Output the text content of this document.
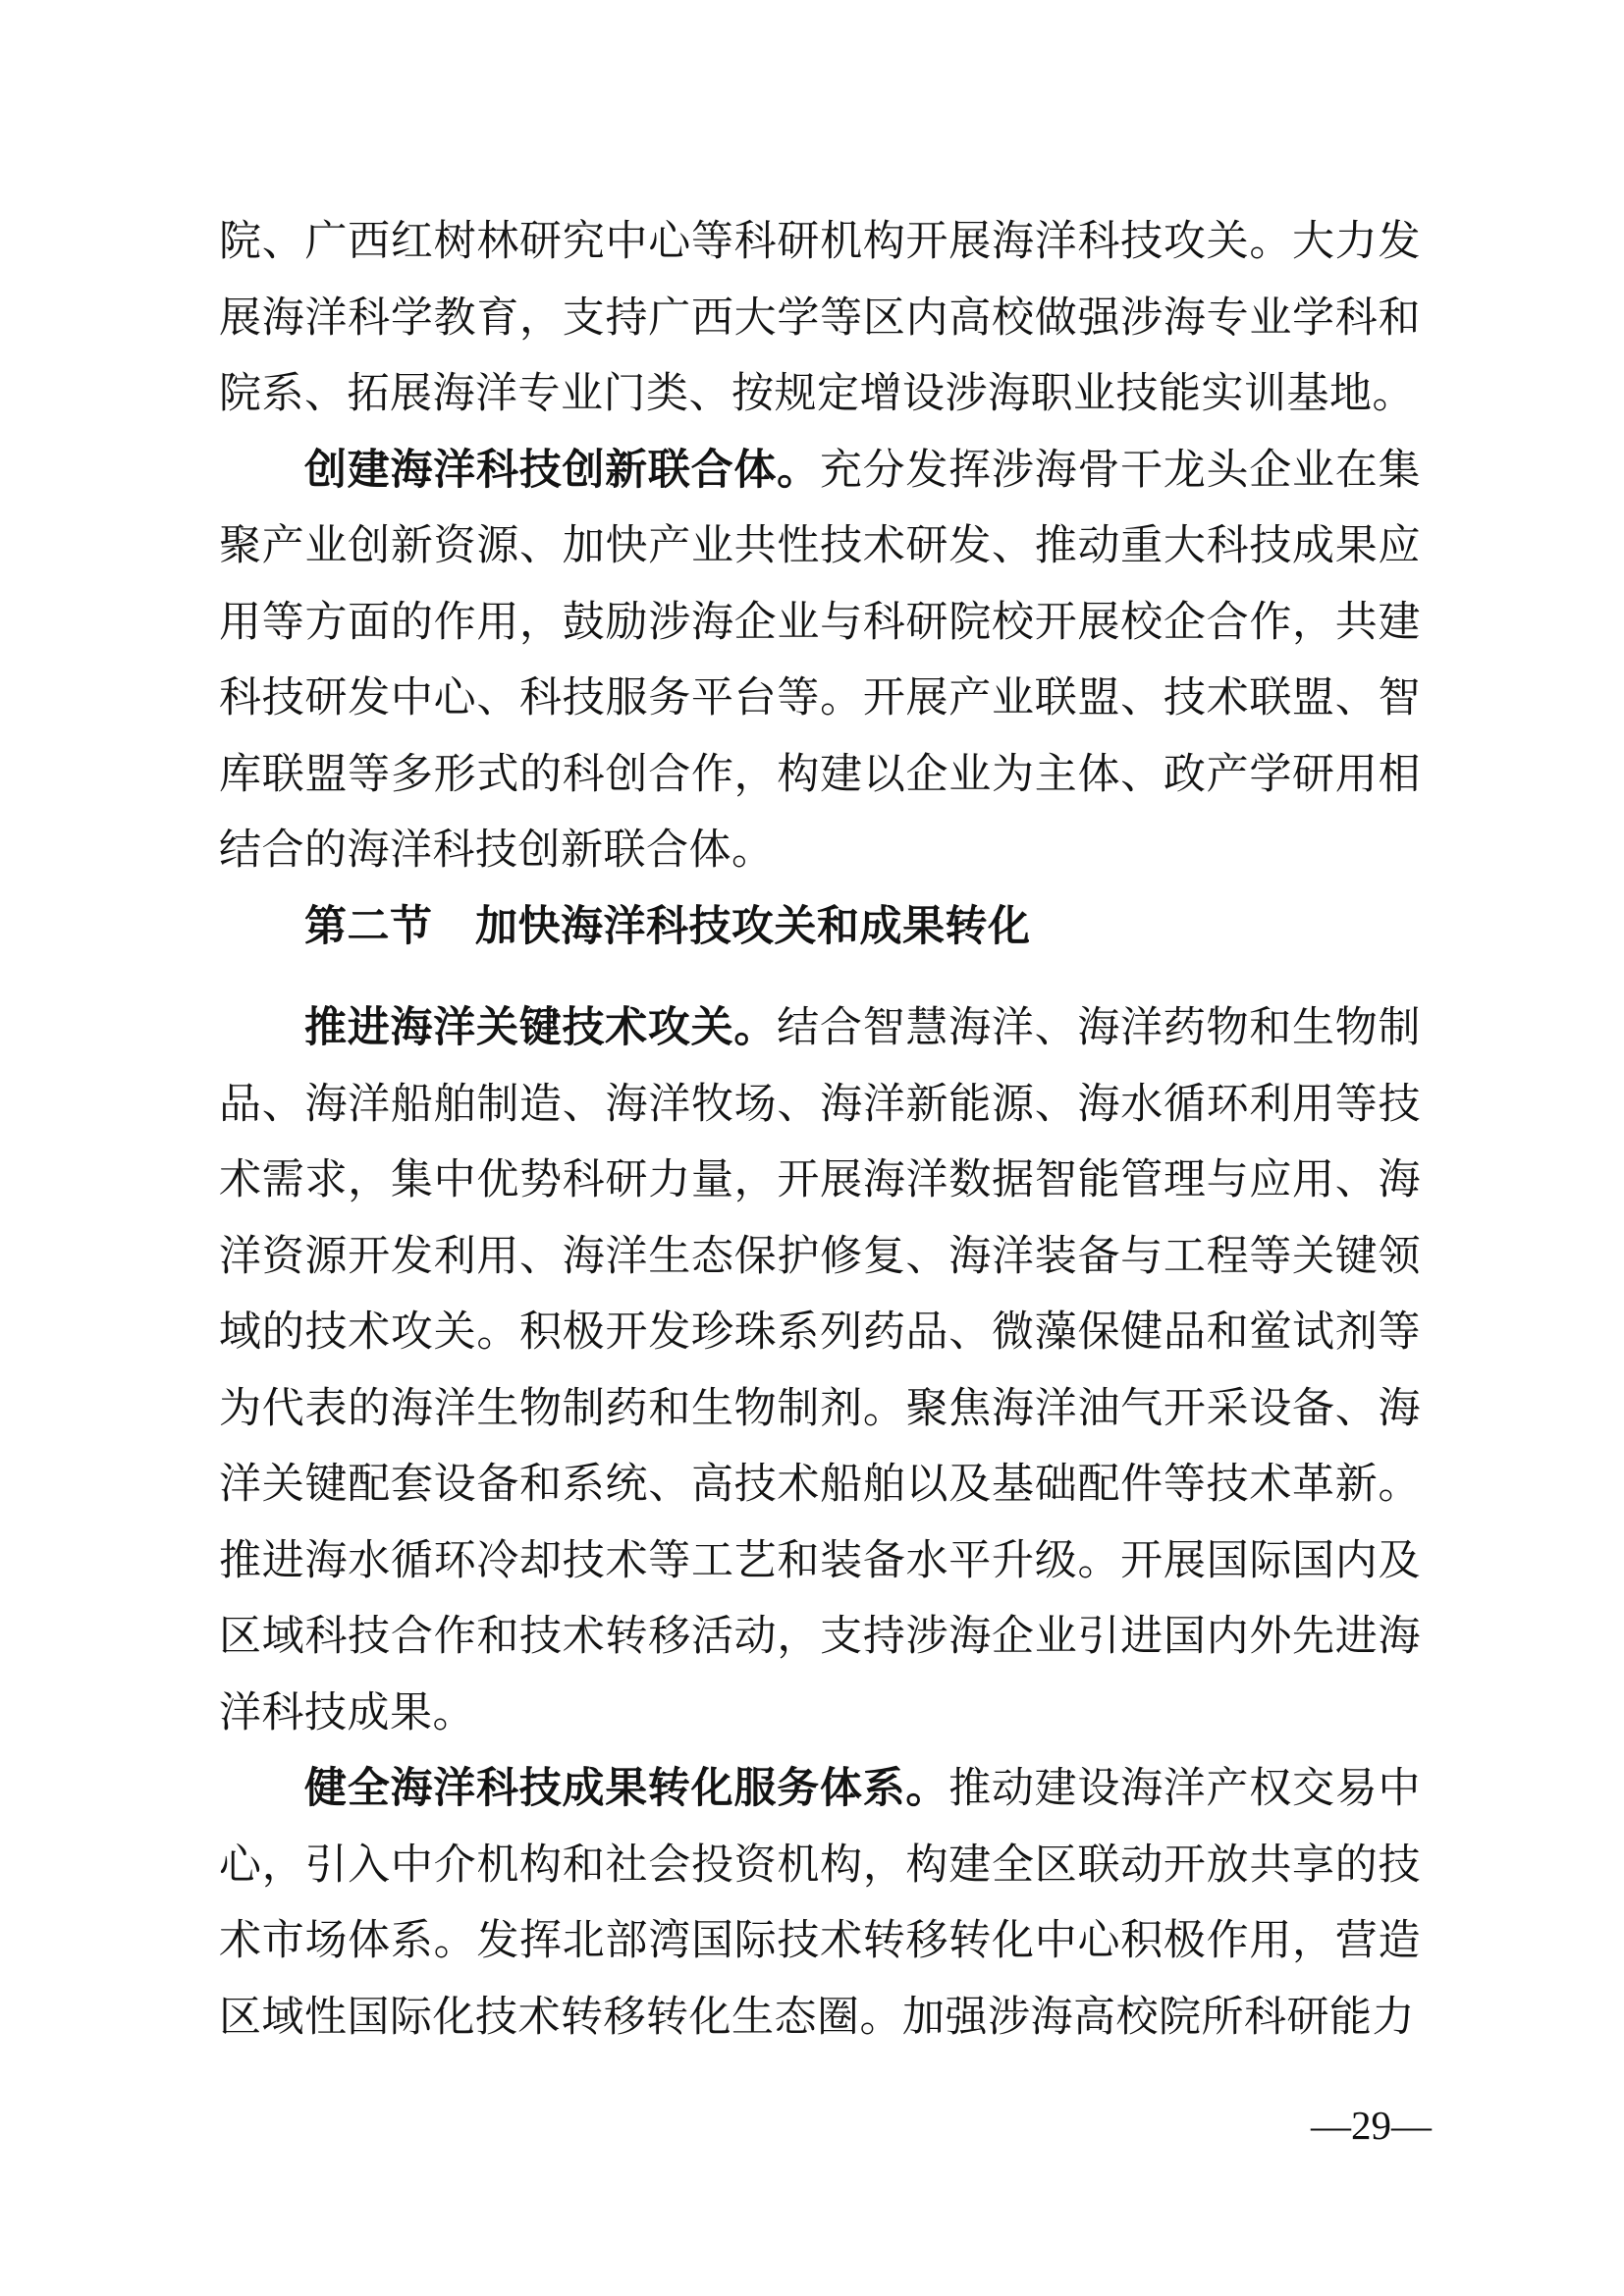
院、广西红树林研究中心等科研机构开展海洋科技攻关。大力发展海洋科学教育，支持广西大学等区内高校做强涉海专业学科和院系、拓展海洋专业门类、按规定增设涉海职业技能实训基地。

创建海洋科技创新联合体。充分发挥涉海骨干龙头企业在集聚产业创新资源、加快产业共性技术研发、推动重大科技成果应用等方面的作用，鼓励涉海企业与科研院校开展校企合作，共建科技研发中心、科技服务平台等。开展产业联盟、技术联盟、智库联盟等多形式的科创合作，构建以企业为主体、政产学研用相结合的海洋科技创新联合体。

第二节　加快海洋科技攻关和成果转化

推进海洋关键技术攻关。结合智慧海洋、海洋药物和生物制品、海洋船舶制造、海洋牧场、海洋新能源、海水循环利用等技术需求，集中优势科研力量，开展海洋数据智能管理与应用、海洋资源开发利用、海洋生态保护修复、海洋装备与工程等关键领域的技术攻关。积极开发珍珠系列药品、微藻保健品和鲎试剂等为代表的海洋生物制药和生物制剂。聚焦海洋油气开采设备、海洋关键配套设备和系统、高技术船舶以及基础配件等技术革新。推进海水循环冷却技术等工艺和装备水平升级。开展国际国内及区域科技合作和技术转移活动，支持涉海企业引进国内外先进海洋科技成果。

健全海洋科技成果转化服务体系。推动建设海洋产权交易中心，引入中介机构和社会投资机构，构建全区联动开放共享的技术市场体系。发挥北部湾国际技术转移转化中心积极作用，营造区域性国际化技术转移转化生态圈。加强涉海高校院所科研能力

—29—
